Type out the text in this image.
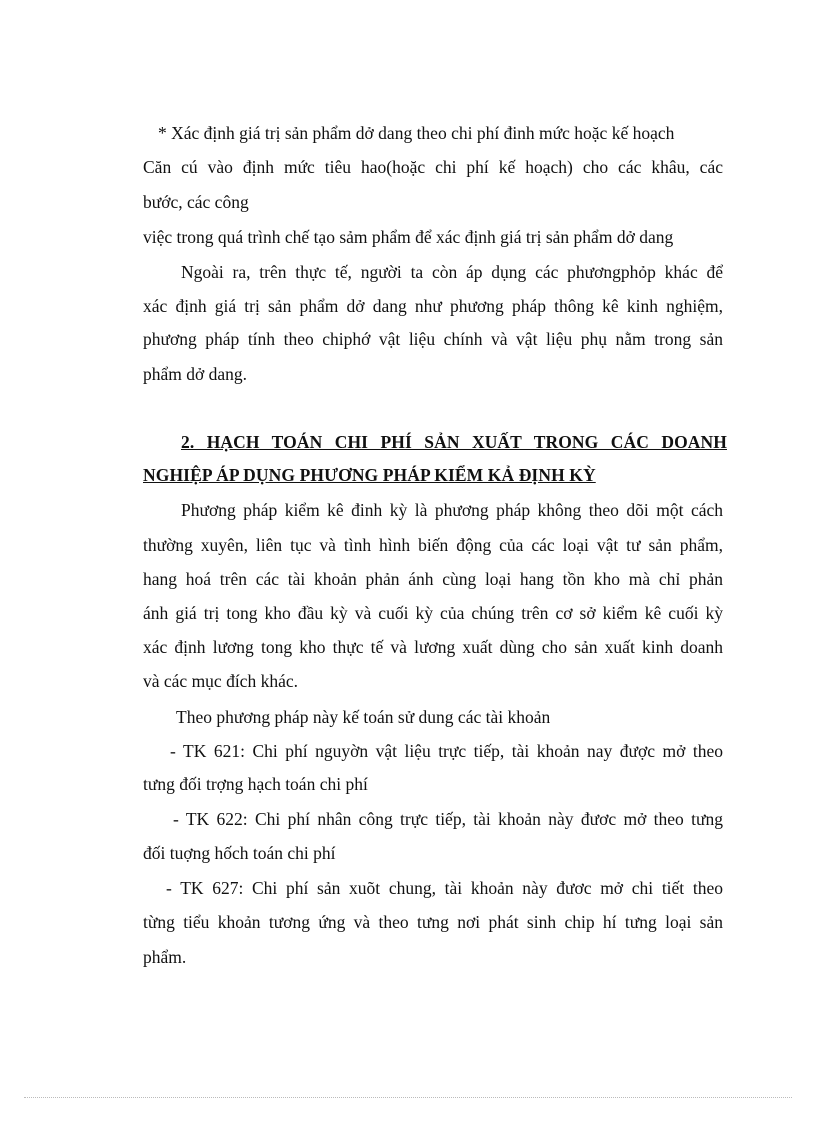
* Xác định giá trị sản phẩm dở dang theo chi phí đinh mức hoặc kế hoạch
Căn cú vào định mức tiêu hao(hoặc chi phí kế hoạch) cho các khâu, các
bước, các công
việc trong quá trình chế tạo sảm phẩm để xác định giá trị sản phẩm dở dang
Ngoài ra, trên thực tế, người ta còn áp dụng các phươngphỏp khác để
xác định giá trị sản phẩm dở dang như phương pháp thông kê kinh nghiệm,
phương pháp tính theo chiphớ vật liệu chính và vật liệu phụ nằm trong sản
phẩm dở dang.
2. HẠCH TOÁN CHI PHÍ SẢN XUẤT TRONG CÁC DOANH
NGHIỆP ÁP DỤNG PHƯƠNG PHÁP KIỂM KẢ ĐỊNH KỲ
Phương pháp kiểm kê đinh kỳ là phương pháp không theo dõi một cách
thường xuyên, liên tục và tình hình biến động của các loại vật tư sản phẩm,
hang hoá trên các tài khoản phản ánh cùng loại hang tồn kho mà chỉ phản
ánh giá trị tong kho đầu kỳ và cuối kỳ của chúng trên cơ sở kiểm kê cuối kỳ
xác định lương tong kho thực tế và lương xuất dùng cho sản xuất kinh doanh
và các mục đích khác.
Theo phương pháp này kế toán sử dung các tài khoản
- TK 621: Chi phí nguyờn vật liệu trực tiếp, tài khoản nay được mở theo
tưng đối trợng hạch toán chi phí
- TK 622: Chi phí nhân công trực tiếp, tài khoản này đươc mở theo tưng
đối tuợng hốch toán chi phí
- TK 627: Chi phí sản xuõt chung, tài khoản này đươc mở chi tiết theo
từng tiểu khoản tương ứng và theo tưng nơi phát sinh chip hí tưng loại sản
phẩm.
